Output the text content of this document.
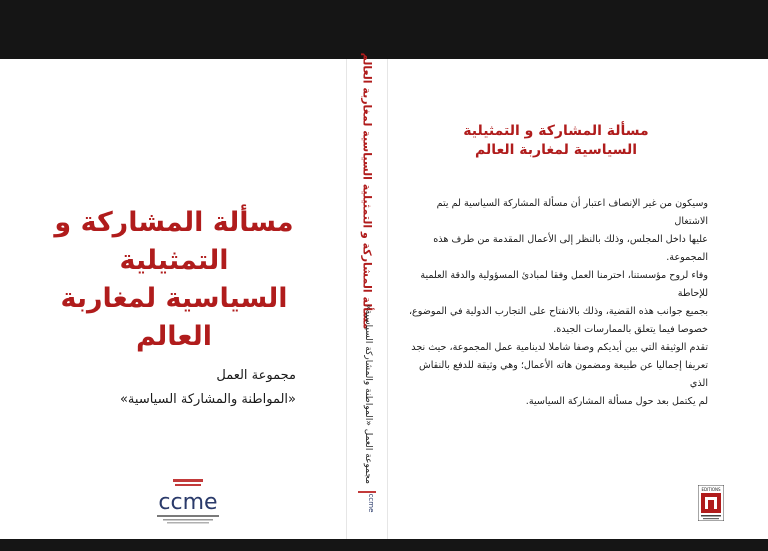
مسألة المشاركة و التمثيلية
السياسية لمغاربة العالم
مجموعة العمل
«المواطنة والمشاركة السياسية»
ccme
مسألة المشاركة و التمثيلية السياسية لمغاربة العالم
مجموعة العمل «المواطنة والمشاركة السياسية»
ccme
مسألة المشاركة و التمثيلية
السياسية لمغاربة العالم

وسيكون من غير الإنصاف اعتبار أن مسألة المشاركة السياسية لم يتم الاشتغال

عليها داخل المجلس، وذلك بالنظر إلى الأعمال المقدمة من طرف هذه المجموعة.

وفاء لروح مؤسستنا، احترمنا العمل وفقا لمبادئ المسؤولية والدقة العلمية للإحاطة

بجميع جوانب هذه القضية، وذلك بالانفتاح على التجارب الدولية في الموضوع،

خصوصا فيما يتعلق بالممارسات الجيدة.

تقدم الوثيقة التي بين أيديكم وصفا شاملا لدينامية عمل المجموعة، حيث نجد

تعريفا إجماليا عن طبيعة ومضمون هاته الأعمال؛ وهي وثيقة للدفع بالنقاش الذي

لم يكتمل بعد حول مسألة المشاركة السياسية.

EDITIONS
